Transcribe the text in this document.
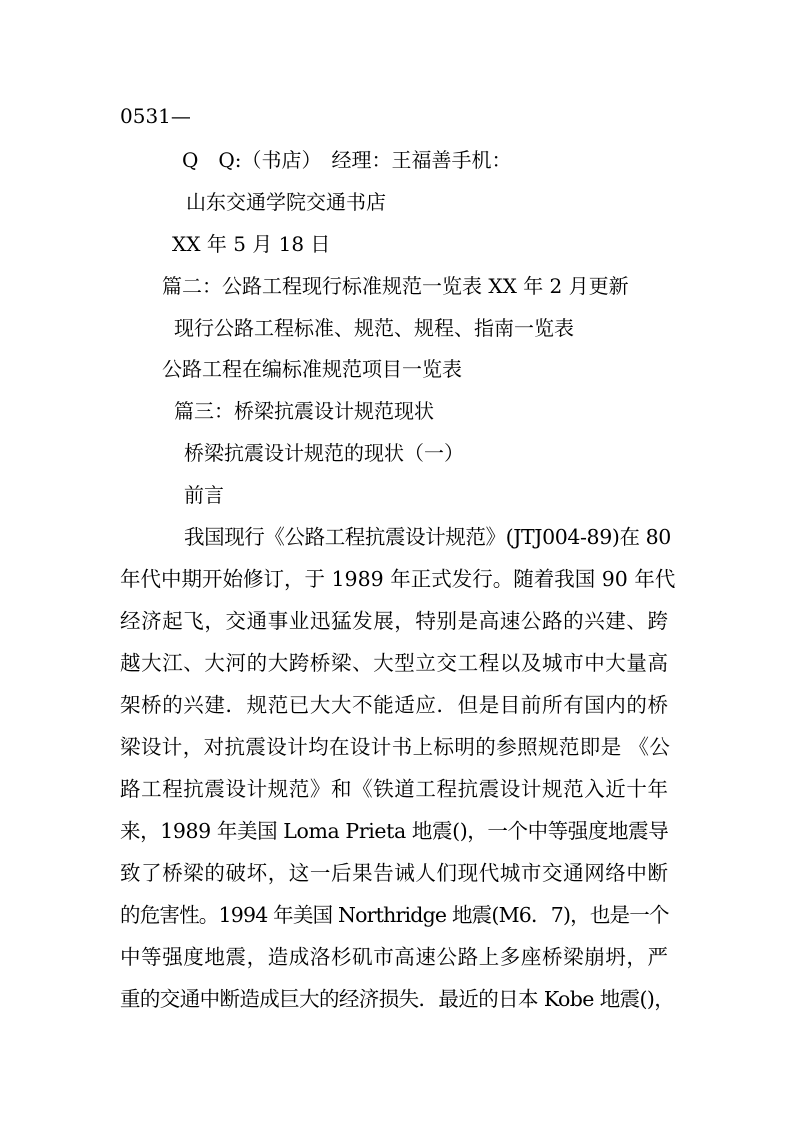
0531—
Q　Q:（书店）　经理：王福善手机：
山东交通学院交通书店
XX 年 5 月 18 日
篇二：公路工程现行标准规范一览表 XX 年 2 月更新
现行公路工程标准、规范、规程、指南一览表
公路工程在编标准规范项目一览表
篇三：桥梁抗震设计规范现状
桥梁抗震设计规范的现状（一）
前言
我国现行《公路工程抗震设计规范》(JTJ004-89)在 80
年代中期开始修订，于 1989 年正式发行。随着我国 90 年代
经济起飞，交通事业迅猛发展，特别是高速公路的兴建、跨
越大江、大河的大跨桥梁、大型立交工程以及城市中大量高
架桥的兴建．规范已大大不能适应．但是目前所有国内的桥
梁设计，对抗震设计均在设计书上标明的参照规范即是 《公
路工程抗震设计规范》和《铁道工程抗震设计规范入近十年
来，1989 年美国 Loma Prieta 地震()，一个中等强度地震导
致了桥梁的破坏，这一后果告诫人们现代城市交通网络中断
的危害性。1994 年美国 Northridge 地震(M6．7)，也是一个
中等强度地震，造成洛杉矶市高速公路上多座桥梁崩坍，严
重的交通中断造成巨大的经济损失．最近的日本 Kobe 地震()，
